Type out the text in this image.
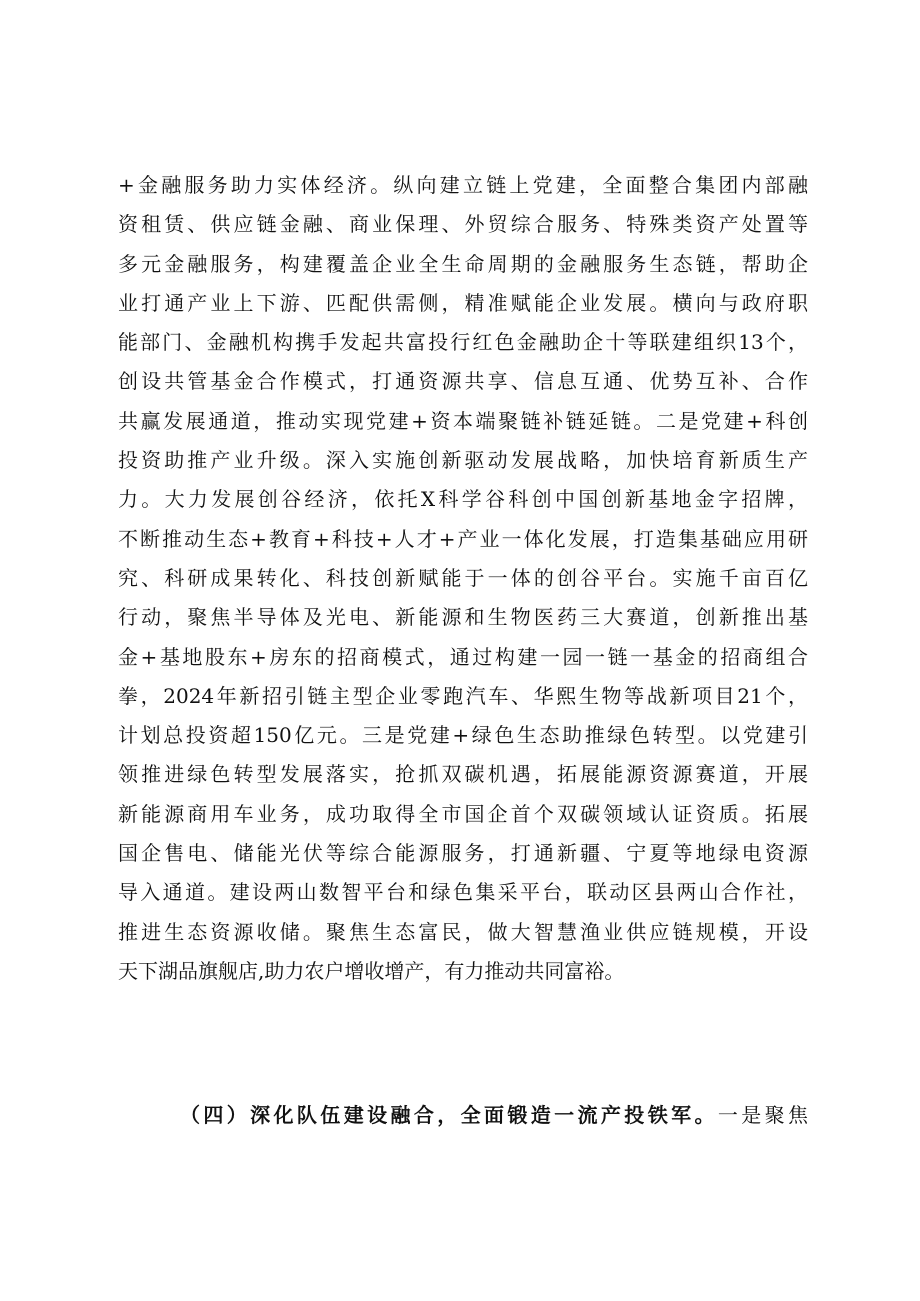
+金融服务助力实体经济。纵向建立链上党建，全面整合集团内部融
资租赁、供应链金融、商业保理、外贸综合服务、特殊类资产处置等
多元金融服务，构建覆盖企业全生命周期的金融服务生态链，帮助企
业打通产业上下游、匹配供需侧，精准赋能企业发展。横向与政府职
能部门、金融机构携手发起共富投行红色金融助企十等联建组织13个，
创设共管基金合作模式，打通资源共享、信息互通、优势互补、合作
共赢发展通道，推动实现党建+资本端聚链补链延链。二是党建+科创
投资助推产业升级。深入实施创新驱动发展战略，加快培育新质生产
力。大力发展创谷经济，依托X科学谷科创中国创新基地金字招牌，
不断推动生态+教育+科技+人才+产业一体化发展，打造集基础应用研
究、科研成果转化、科技创新赋能于一体的创谷平台。实施千亩百亿
行动，聚焦半导体及光电、新能源和生物医药三大赛道，创新推出基
金+基地股东+房东的招商模式，通过构建一园一链一基金的招商组合
拳，2024年新招引链主型企业零跑汽车、华熙生物等战新项目21个，
计划总投资超150亿元。三是党建+绿色生态助推绿色转型。以党建引
领推进绿色转型发展落实，抢抓双碳机遇，拓展能源资源赛道，开展
新能源商用车业务，成功取得全市国企首个双碳领域认证资质。拓展
国企售电、储能光伏等综合能源服务，打通新疆、宁夏等地绿电资源
导入通道。建设两山数智平台和绿色集采平台，联动区县两山合作社，
推进生态资源收储。聚焦生态富民，做大智慧渔业供应链规模，开设
天下湖品旗舰店,助力农户增收增产，有力推动共同富裕。
（四）深化队伍建设融合，全面锻造一流产投铁军。一是聚焦
